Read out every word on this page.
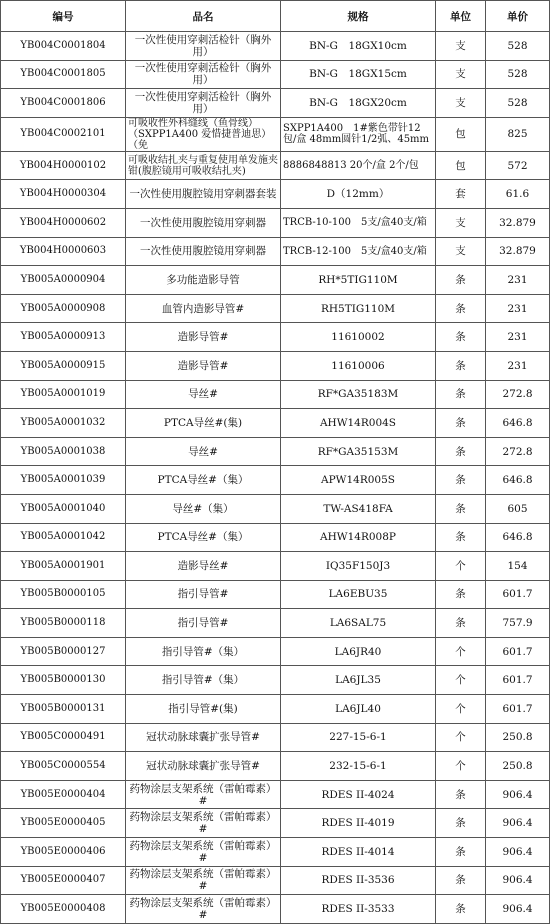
编号	品名	规格	单位	单价
YB004C0001804	一次性使用穿刺活检针（胸外用）	BN-G　18GX10cm	支	528
YB004C0001805	一次性使用穿刺活检针（胸外用）	BN-G　18GX15cm	支	528
YB004C0001806	一次性使用穿刺活检针（胸外用）	BN-G　18GX20cm	支	528
YB004C0002101	可吸收性外科缝线（鱼骨线）（SXPP1A400 爱惜捷普迪思）（免	SXPP1A400　1#紫色带针12包/盒 48mm圆针1/2弧、45mm	包	825
YB004H0000102	可吸收结扎夹与重复使用单发施夹钳(腹腔镜用可吸收结扎夹)	8886848813 20个/盒 2个/包	包	572
YB004H0000304	一次性使用腹腔镜用穿刺器套装	D（12mm）	套	61.6
YB004H0000602	一次性使用腹腔镜用穿刺器	TRCB-10-100　5支/盒40支/箱	支	32.879
YB004H0000603	一次性使用腹腔镜用穿刺器	TRCB-12-100　5支/盒40支/箱	支	32.879
YB005A0000904	多功能造影导管	RH*5TIG110M	条	231
YB005A0000908	血管内造影导管#	RH5TIG110M	条	231
YB005A0000913	造影导管#	11610002	条	231
YB005A0000915	造影导管#	11610006	条	231
YB005A0001019	导丝#	RF*GA35183M	条	272.8
YB005A0001032	PTCA导丝#(集)	AHW14R004S	条	646.8
YB005A0001038	导丝#	RF*GA35153M	条	272.8
YB005A0001039	PTCA导丝#（集）	APW14R005S	条	646.8
YB005A0001040	导丝#（集）	TW-AS418FA	条	605
YB005A0001042	PTCA导丝#（集）	AHW14R008P	条	646.8
YB005A0001901	造影导丝#	IQ35F150J3	个	154
YB005B0000105	指引导管#	LA6EBU35	条	601.7
YB005B0000118	指引导管#	LA6SAL75	条	757.9
YB005B0000127	指引导管#（集）	LA6JR40	个	601.7
YB005B0000130	指引导管#（集）	LA6JL35	个	601.7
YB005B0000131	指引导管#(集)	LA6JL40	个	601.7
YB005C0000491	冠状动脉球囊扩张导管#	227-15-6-1	个	250.8
YB005C0000554	冠状动脉球囊扩张导管#	232-15-6-1	个	250.8
YB005E0000404	药物涂层支架系统（雷帕霉素）#	RDES II-4024	条	906.4
YB005E0000405	药物涂层支架系统（雷帕霉素）#	RDES II-4019	条	906.4
YB005E0000406	药物涂层支架系统（雷帕霉素）#	RDES II-4014	条	906.4
YB005E0000407	药物涂层支架系统（雷帕霉素）#	RDES II-3536	条	906.4
YB005E0000408	药物涂层支架系统（雷帕霉素）#	RDES II-3533	条	906.4
